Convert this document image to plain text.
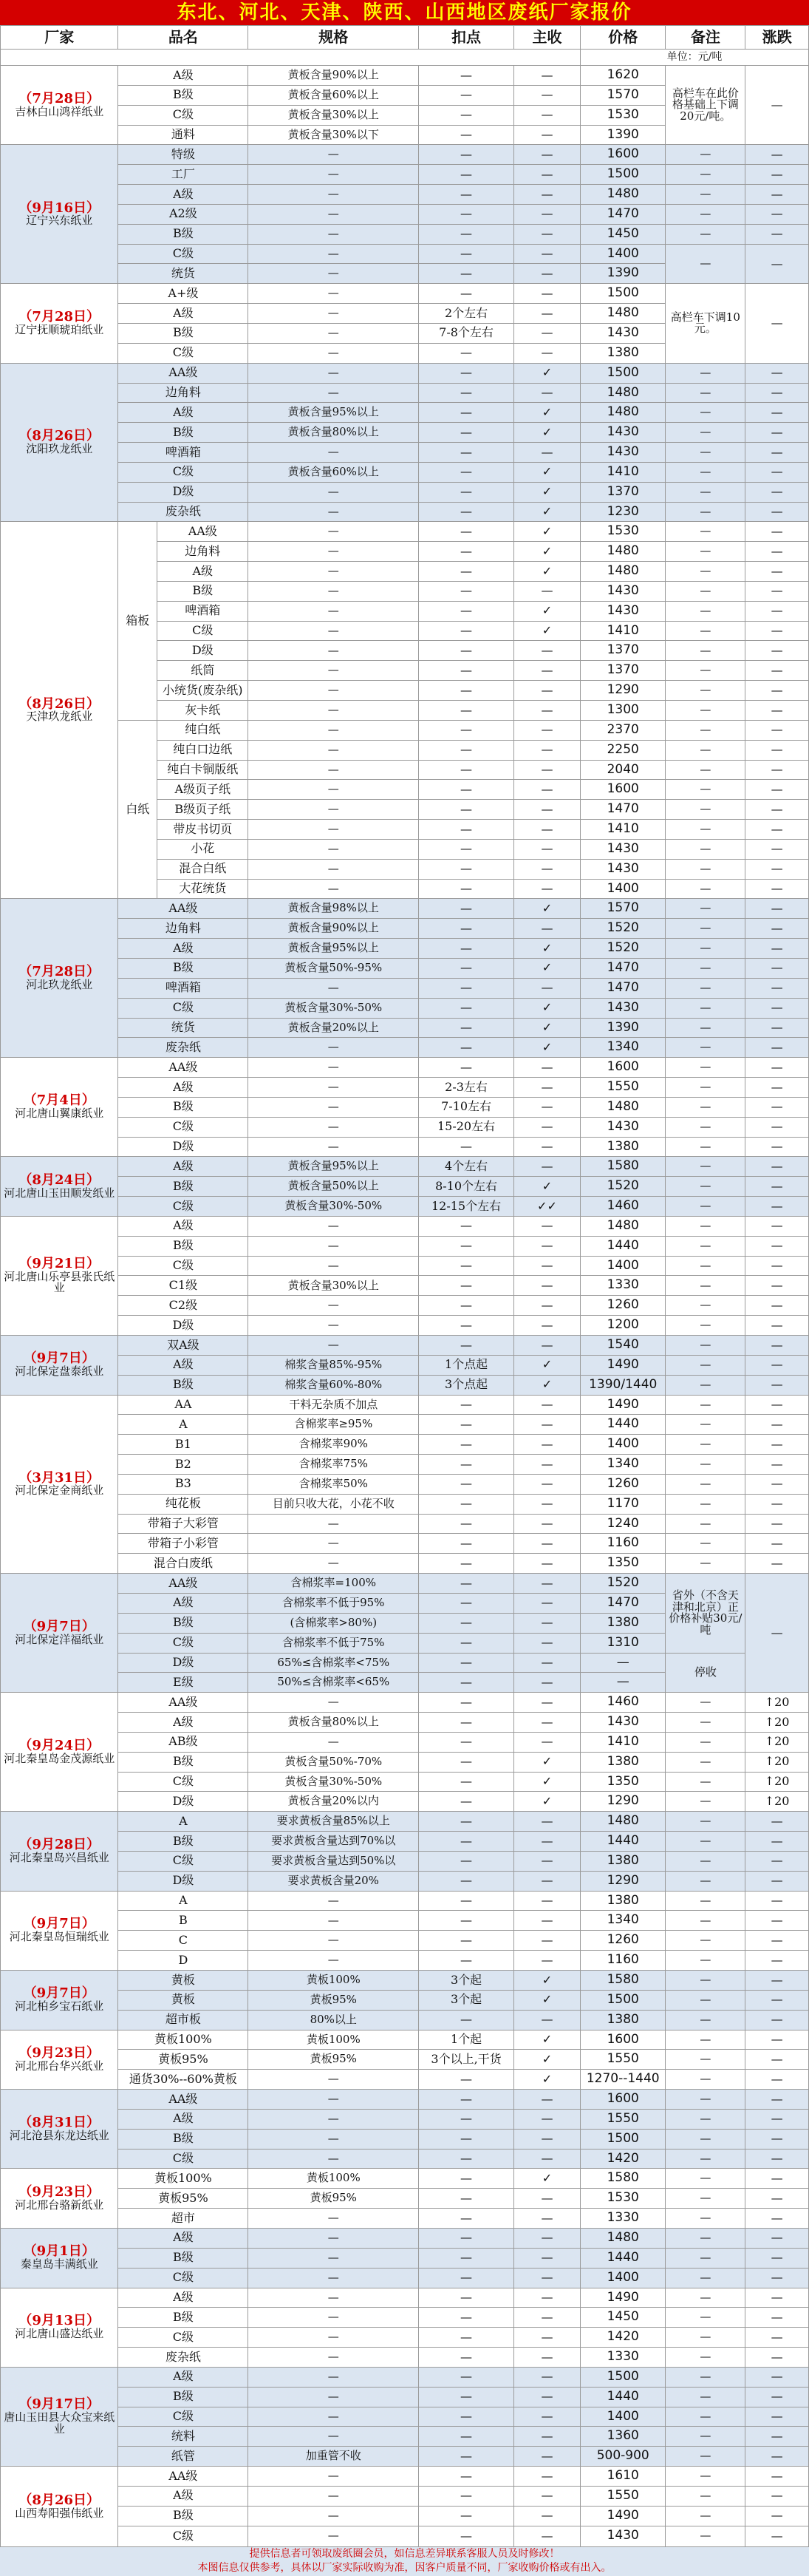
东北、河北、天津、陕西、山西地区废纸厂家报价
厂家	品名		规格	扣点	主收	价格	备注	涨跌
						单位：元/吨		

（7月28日）
吉林白山鸿祥纸业	A级		黄板含量90%以上	—	—	1620	高栏车在此价格基础上下调20元/吨。	—
	B级		黄板含量60%以上	—	—	1570		
	C级		黄板含量30%以上	—	—	1530		
	通料		黄板含量30%以下	—	—	1390		

（9月16日）
辽宁兴东纸业	特级		—	—	—	1600	—	—
	工厂		—	—	—	1500	—	—
	A级		—	—	—	1480	—	—
	A2级		—	—	—	1470	—	—
	B级		—	—	—	1450	—	—
	C级		—	—	—	1400	—	—
	统货		—	—	—	1390		

（7月28日）
辽宁抚顺琥珀纸业	A+级		—	—	—	1500	高栏车下调10元。	—
	A级		—	2个左右	—	1480		
	B级		—	7-8个左右	—	1430		
	C级		—	—	—	1380		

（8月26日）
沈阳玖龙纸业	AA级		—	—	✓	1500	—	—
	边角料		—	—	—	1480	—	—
	A级		黄板含量95%以上	—	✓	1480	—	—
	B级		黄板含量80%以上	—	✓	1430	—	—
	啤酒箱		—	—	—	1430	—	—
	C级		黄板含量60%以上	—	✓	1410	—	—
	D级		—	—	✓	1370	—	—
	废杂纸		—	—	✓	1230	—	—

（8月26日）
天津玖龙纸业	箱板	AA级	—	—	✓	1530	—	—
		边角料	—	—	✓	1480	—	—
		A级	—	—	✓	1480	—	—
		B级	—	—	—	1430	—	—
		啤酒箱	—	—	✓	1430	—	—
		C级	—	—	✓	1410	—	—
		D级	—	—	—	1370	—	—
		纸筒	—	—	—	1370	—	—
		小统货(废杂纸)	—	—	—	1290	—	—
		灰卡纸	—	—	—	1300	—	—
	白纸	纯白纸	—	—	—	2370	—	—
		纯白口边纸	—	—	—	2250	—	—
		纯白卡铜版纸	—	—	—	2040	—	—
		A级页子纸	—	—	—	1600	—	—
		B级页子纸	—	—	—	1470	—	—
		带皮书切页	—	—	—	1410	—	—
		小花	—	—	—	1430	—	—
		混合白纸	—	—	—	1430	—	—
		大花统货	—	—	—	1400	—	—

（7月28日）
河北玖龙纸业	AA级		黄板含量98%以上	—	✓	1570	—	—
	边角料		黄板含量90%以上	—	—	1520	—	—
	A级		黄板含量95%以上	—	✓	1520	—	—
	B级		黄板含量50%-95%	—	✓	1470	—	—
	啤酒箱		—	—	—	1470	—	—
	C级		黄板含量30%-50%	—	✓	1430	—	—
	统货		黄板含量20%以上	—	✓	1390	—	—
	废杂纸		—	—	✓	1340	—	—

（7月4日）
河北唐山翼康纸业	AA级		—	—	—	1600	—	—
	A级		—	2-3左右	—	1550	—	—
	B级		—	7-10左右	—	1480	—	—
	C级		—	15-20左右	—	1430	—	—
	D级		—	—	—	1380	—	—

（8月24日）
河北唐山玉田顺发纸业	A级		黄板含量95%以上	4个左右	—	1580	—	—
	B级		黄板含量50%以上	8-10个左右	✓	1520	—	—
	C级		黄板含量30%-50%	12-15个左右	✓✓	1460	—	—

（9月21日）
河北唐山乐亭县张氏纸业	A级		—	—	—	1480	—	—
	B级		—	—	—	1440	—	—
	C级		—	—	—	1400	—	—
	C1级		黄板含量30%以上	—	—	1330	—	—
	C2级		—	—	—	1260	—	—
	D级		—	—	—	1200	—	—

（9月7日）
河北保定盘泰纸业	双A级		—	—	—	1540	—	—
	A级		棉浆含量85%-95%	1个点起	✓	1490	—	—
	B级		棉浆含量60%-80%	3个点起	✓	1390/1440	—	—

（3月31日）
河北保定金商纸业	AA		干料无杂质不加点	—	—	1490	—	—
	A		含棉浆率≥95%	—	—	1440	—	—
	B1		含棉浆率90%	—	—	1400	—	—
	B2		含棉浆率75%	—	—	1340	—	—
	B3		含棉浆率50%	—	—	1260	—	—
	纯花板		目前只收大花，小花不收	—	—	1170	—	—
	带箱子大彩管		—	—	—	1240	—	—
	带箱子小彩管		—	—	—	1160	—	—
	混合白废纸		—	—	—	1350	—	—

（9月7日）
河北保定洋福纸业	AA级		含棉浆率=100%	—	—	1520	省外（不含天津和北京）正价格补贴30元/吨	—
	A级		含棉浆率不低于95%	—	—	1470		
	B级		(含棉浆率>80%)	—	—	1380		
	C级		含棉浆率不低于75%	—	—	1310		
	D级		65%≤含棉浆率<75%	—	—	—	停收	
	E级		50%≤含棉浆率<65%	—	—	—		

（9月24日）
河北秦皇岛金茂源纸业	AA级		—	—	—	1460	—	↑20
	A级		黄板含量80%以上	—	—	1430	—	↑20
	AB级		—	—	—	1410	—	↑20
	B级		黄板含量50%-70%	—	✓	1380	—	↑20
	C级		黄板含量30%-50%	—	✓	1350	—	↑20
	D级		黄板含量20%以内	—	✓	1290	—	↑20

（9月28日）
河北秦皇岛兴昌纸业	A		要求黄板含量85%以上	—	—	1480	—	—
	B级		要求黄板含量达到70%以	—	—	1440	—	—
	C级		要求黄板含量达到50%以	—	—	1380	—	—
	D级		要求黄板含量20%	—	—	1290	—	—

（9月7日）
河北秦皇岛恒瑞纸业	A		—	—	—	1380	—	—
	B		—	—	—	1340	—	—
	C		—	—	—	1260	—	—
	D		—	—	—	1160	—	—

（9月7日）
河北柏乡宝石纸业	黄板		黄板100%	3个起	✓	1580	—	—
	黄板		黄板95%	3个起	✓	1500	—	—
	超市板		80%以上	—	—	1380	—	—

（9月23日）
河北邢台华兴纸业	黄板100%		黄板100%	1个起	✓	1600	—	—
	黄板95%		黄板95%	3个以上,干货	✓	1550	—	—
	通货30%--60%黄板		—	—	✓	1270--1440	—	—

（8月31日）
河北沧县东龙达纸业	AA级		—	—	—	1600	—	—
	A级		—	—	—	1550	—	—
	B级		—	—	—	1500	—	—
	C级		—	—	—	1420	—	—

（9月23日）
河北邢台骆新纸业	黄板100%		黄板100%	—	✓	1580	—	—
	黄板95%		黄板95%	—	—	1530	—	—
	超市		—	—	—	1330	—	—

（9月1日）
秦皇岛丰满纸业	A级		—	—	—	1480	—	—
	B级		—	—	—	1440	—	—
	C级		—	—	—	1400	—	—

（9月13日）
河北唐山盛达纸业	A级		—	—	—	1490	—	—
	B级		—	—	—	1450	—	—
	C级		—	—	—	1420	—	—
	废杂纸		—	—	—	1330	—	—

（9月17日）
唐山玉田县大众宝来纸业	A级		—	—	—	1500	—	—
	B级		—	—	—	1440	—	—
	C级		—	—	—	1400	—	—
	统料		—	—	—	1360	—	—
	纸管		加重管不收	—	—	500-900	—	—

（8月26日）
山西寿阳强伟纸业	AA级		—	—	—	1610	—	—
	A级		—	—	—	1550	—	—
	B级		—	—	—	1490	—	—
	C级		—	—	—	1430	—	—
提供信息者可领取废纸圈会员，如信息差异联系客服人员及时修改！
本图信息仅供参考，具体以厂家实际收购为准，因客户质量不同，厂家收购价格或有出入。
